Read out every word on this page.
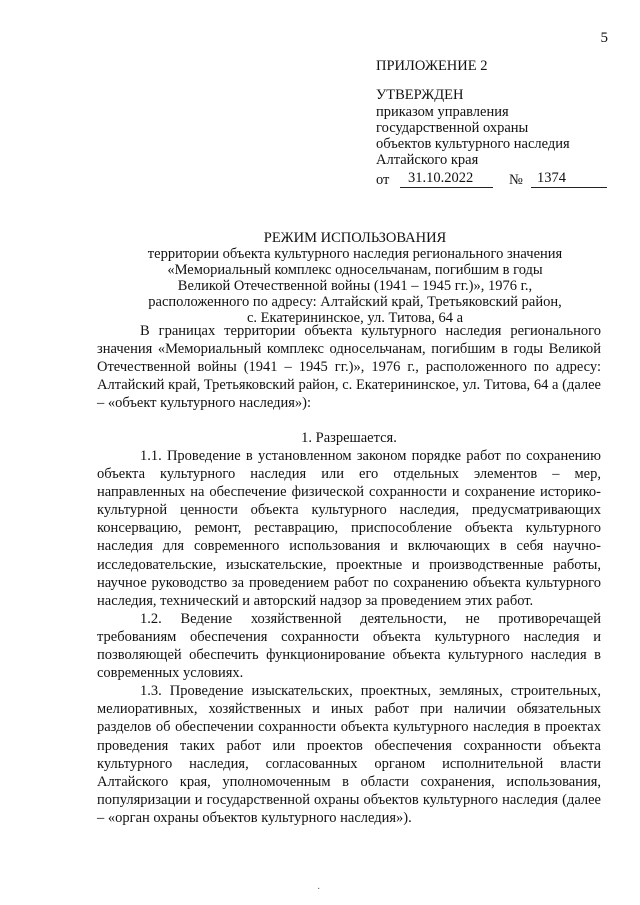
5
ПРИЛОЖЕНИЕ 2
УТВЕРЖДЕН
приказом управления
государственной охраны
объектов культурного наследия
Алтайского края
от	31.10.2022	№ 1374
РЕЖИМ ИСПОЛЬЗОВАНИЯ
территории объекта культурного наследия регионального значения
«Мемориальный комплекс односельчанам, погибшим в годы
Великой Отечественной войны (1941 – 1945 гг.)», 1976 г.,
расположенного по адресу: Алтайский край, Третьяковский район,
с. Екатерининское, ул. Титова, 64 а

В границах территории объекта культурного наследия регионального значения «Мемориальный комплекс односельчанам, погибшим в годы Великой Отечественной войны (1941 – 1945 гг.)», 1976 г., расположенного по адресу: Алтайский край, Третьяковский район, с. Екатерининское, ул. Титова, 64 а (далее – «объект культурного наследия»):

1. Разрешается.

1.1. Проведение в установленном законом порядке работ по сохранению объекта культурного наследия или его отдельных элементов – мер, направленных на обеспечение физической сохранности и сохранение историко-культурной ценности объекта культурного наследия, предусматривающих консервацию, ремонт, реставрацию, приспособление объекта культурного наследия для современного использования и включающих в себя научно-исследовательские, изыскательские, проектные и производственные работы, научное руководство за проведением работ по сохранению объекта культурного наследия, технический и авторский надзор за проведением этих работ.

1.2. Ведение хозяйственной деятельности, не противоречащей требованиям обеспечения сохранности объекта культурного наследия и позволяющей обеспечить функционирование объекта культурного наследия в современных условиях.

1.3. Проведение изыскательских, проектных, земляных, строительных, мелиоративных, хозяйственных и иных работ при наличии обязательных разделов об обеспечении сохранности объекта культурного наследия в проектах проведения таких работ или проектов обеспечения сохранности объекта культурного наследия, согласованных органом исполнительной власти Алтайского края, уполномоченным в области сохранения, использования, популяризации и государственной охраны объектов культурного наследия (далее – «орган охраны объектов культурного наследия»).

·
